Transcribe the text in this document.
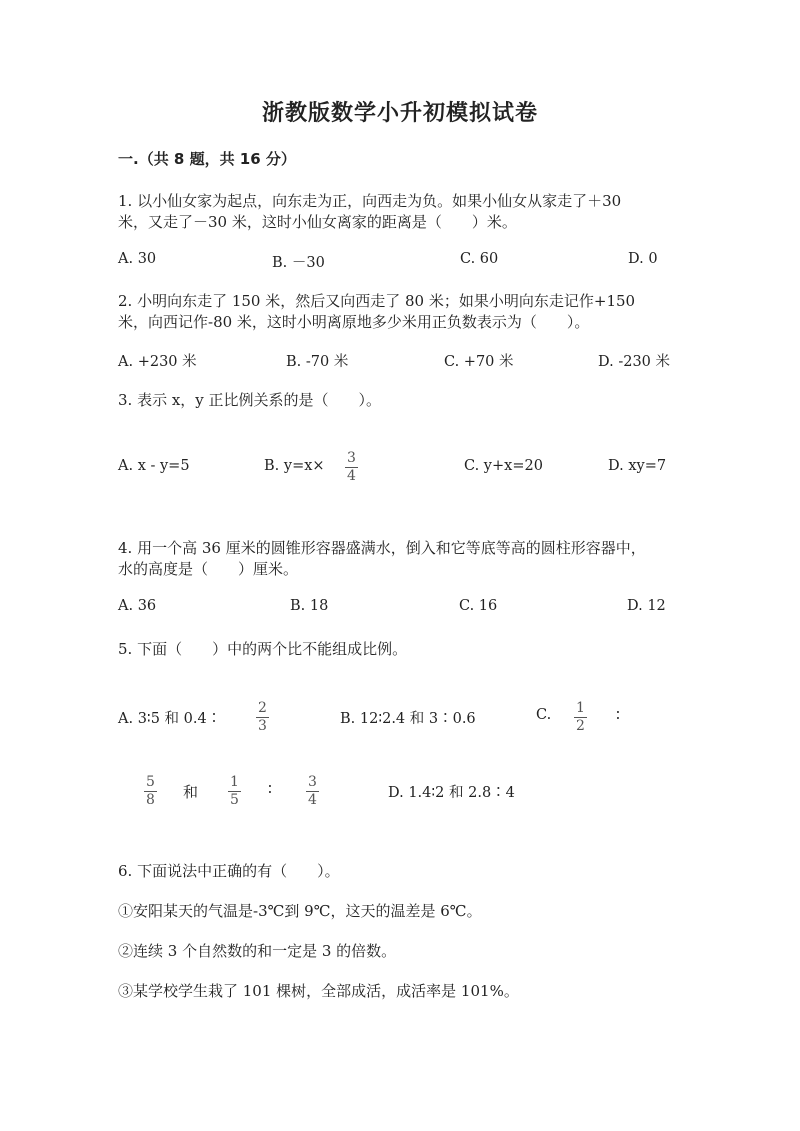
浙教版数学小升初模拟试卷
一.（共 8 题，共 16 分）
1. 以小仙女家为起点，向东走为正，向西走为负。如果小仙女从家走了＋30
米，又走了－30 米，这时小仙女离家的距离是（　　）米。
A. 30	B. －30	C. 60	D. 0
2. 小明向东走了 150 米，然后又向西走了 80 米；如果小明向东走记作+150
米，向西记作-80 米，这时小明离原地多少米用正负数表示为（　　）。
A. +230 米	B. -70 米	C. +70 米	D. -230 米
3. 表示 x，y 正比例关系的是（　　）。
A. x - y=5	B. $y=x\times \frac{3}{4}$	C. y+x=20	D. xy=7
4. 用一个高 36 厘米的圆锥形容器盛满水，倒入和它等底等高的圆柱形容器中，
水的高度是（　　）厘米。
A. 36	B. 18	C. 16	D. 12
5. 下面（　　）中的两个比不能组成比例。
A. 3∶5 和 0.4∶ $\frac{2}{3}$	B. 12∶2.4 和 3∶0.6	C. $\frac{1}{2}$ ∶
$\frac{5}{8}$ 和 $\frac{1}{5}$ ∶ $\frac{3}{4}$	D. 1.4∶2 和 2.8∶4
6. 下面说法中正确的有（　　）。
①安阳某天的气温是-3℃到 9℃，这天的温差是 6℃。
②连续 3 个自然数的和一定是 3 的倍数。
③某学校学生栽了 101 棵树，全部成活，成活率是 101%。
